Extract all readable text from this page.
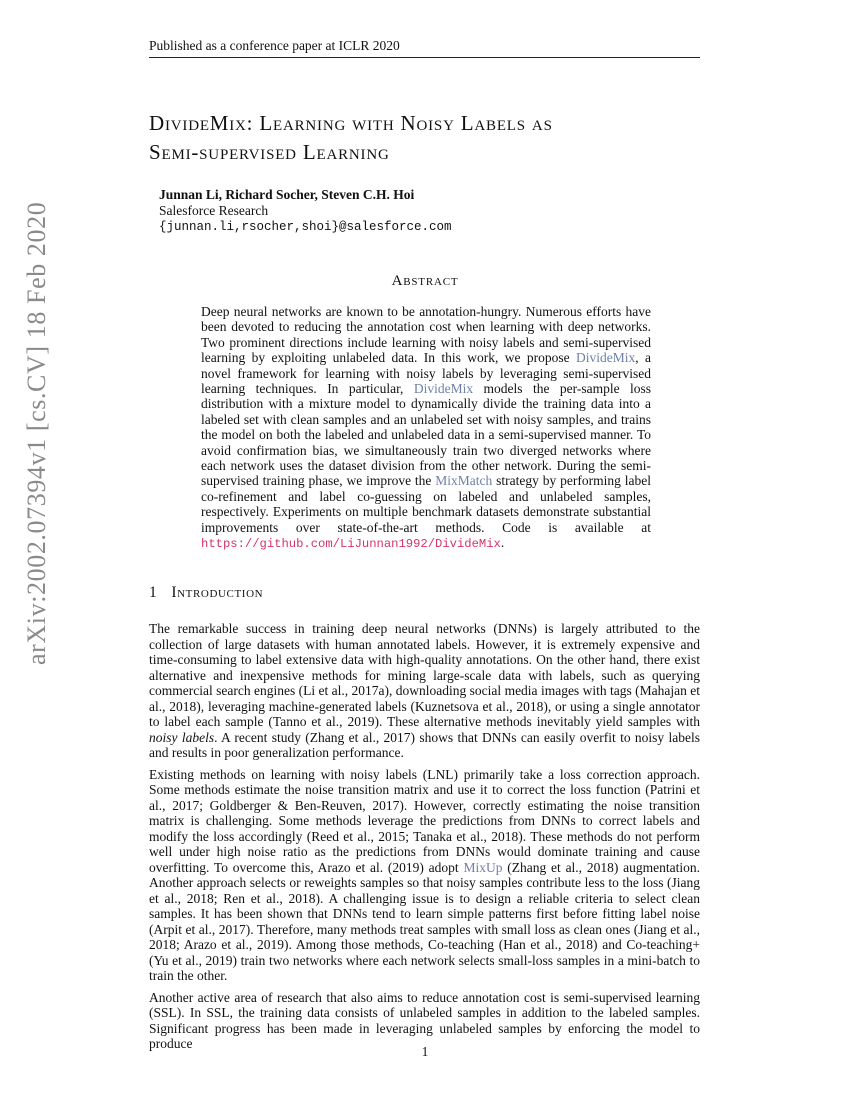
Published as a conference paper at ICLR 2020
arXiv:2002.07394v1 [cs.CV] 18 Feb 2020
DivideMix: Learning with Noisy Labels as
Semi-supervised Learning
Junnan Li, Richard Socher, Steven C.H. Hoi
Salesforce Research
{junnan.li,rsocher,shoi}@salesforce.com
Abstract
Deep neural networks are known to be annotation-hungry. Numerous efforts have been devoted to reducing the annotation cost when learning with deep networks. Two prominent directions include learning with noisy labels and semi-supervised learning by exploiting unlabeled data. In this work, we propose DivideMix, a novel framework for learning with noisy labels by leveraging semi-supervised learning techniques. In particular, DivideMix models the per-sample loss distribution with a mixture model to dynamically divide the training data into a labeled set with clean samples and an unlabeled set with noisy samples, and trains the model on both the labeled and unlabeled data in a semi-supervised manner. To avoid confirmation bias, we simultaneously train two diverged networks where each network uses the dataset division from the other network. During the semi-supervised training phase, we improve the MixMatch strategy by performing label co-refinement and label co-guessing on labeled and unlabeled samples, respectively. Experiments on multiple benchmark datasets demonstrate substantial improvements over state-of-the-art methods. Code is available at https://github.com/LiJunnan1992/DivideMix.
1 Introduction

The remarkable success in training deep neural networks (DNNs) is largely attributed to the collection of large datasets with human annotated labels. However, it is extremely expensive and time-consuming to label extensive data with high-quality annotations. On the other hand, there exist alternative and inexpensive methods for mining large-scale data with labels, such as querying commercial search engines (Li et al., 2017a), downloading social media images with tags (Mahajan et al., 2018), leveraging machine-generated labels (Kuznetsova et al., 2018), or using a single annotator to label each sample (Tanno et al., 2019). These alternative methods inevitably yield samples with noisy labels. A recent study (Zhang et al., 2017) shows that DNNs can easily overfit to noisy labels and results in poor generalization performance.

Existing methods on learning with noisy labels (LNL) primarily take a loss correction approach. Some methods estimate the noise transition matrix and use it to correct the loss function (Patrini et al., 2017; Goldberger & Ben-Reuven, 2017). However, correctly estimating the noise transition matrix is challenging. Some methods leverage the predictions from DNNs to correct labels and modify the loss accordingly (Reed et al., 2015; Tanaka et al., 2018). These methods do not perform well under high noise ratio as the predictions from DNNs would dominate training and cause overfitting. To overcome this, Arazo et al. (2019) adopt MixUp (Zhang et al., 2018) augmentation. Another approach selects or reweights samples so that noisy samples contribute less to the loss (Jiang et al., 2018; Ren et al., 2018). A challenging issue is to design a reliable criteria to select clean samples. It has been shown that DNNs tend to learn simple patterns first before fitting label noise (Arpit et al., 2017). Therefore, many methods treat samples with small loss as clean ones (Jiang et al., 2018; Arazo et al., 2019). Among those methods, Co-teaching (Han et al., 2018) and Co-teaching+ (Yu et al., 2019) train two networks where each network selects small-loss samples in a mini-batch to train the other.

Another active area of research that also aims to reduce annotation cost is semi-supervised learning (SSL). In SSL, the training data consists of unlabeled samples in addition to the labeled samples. Significant progress has been made in leveraging unlabeled samples by enforcing the model to produce

1
